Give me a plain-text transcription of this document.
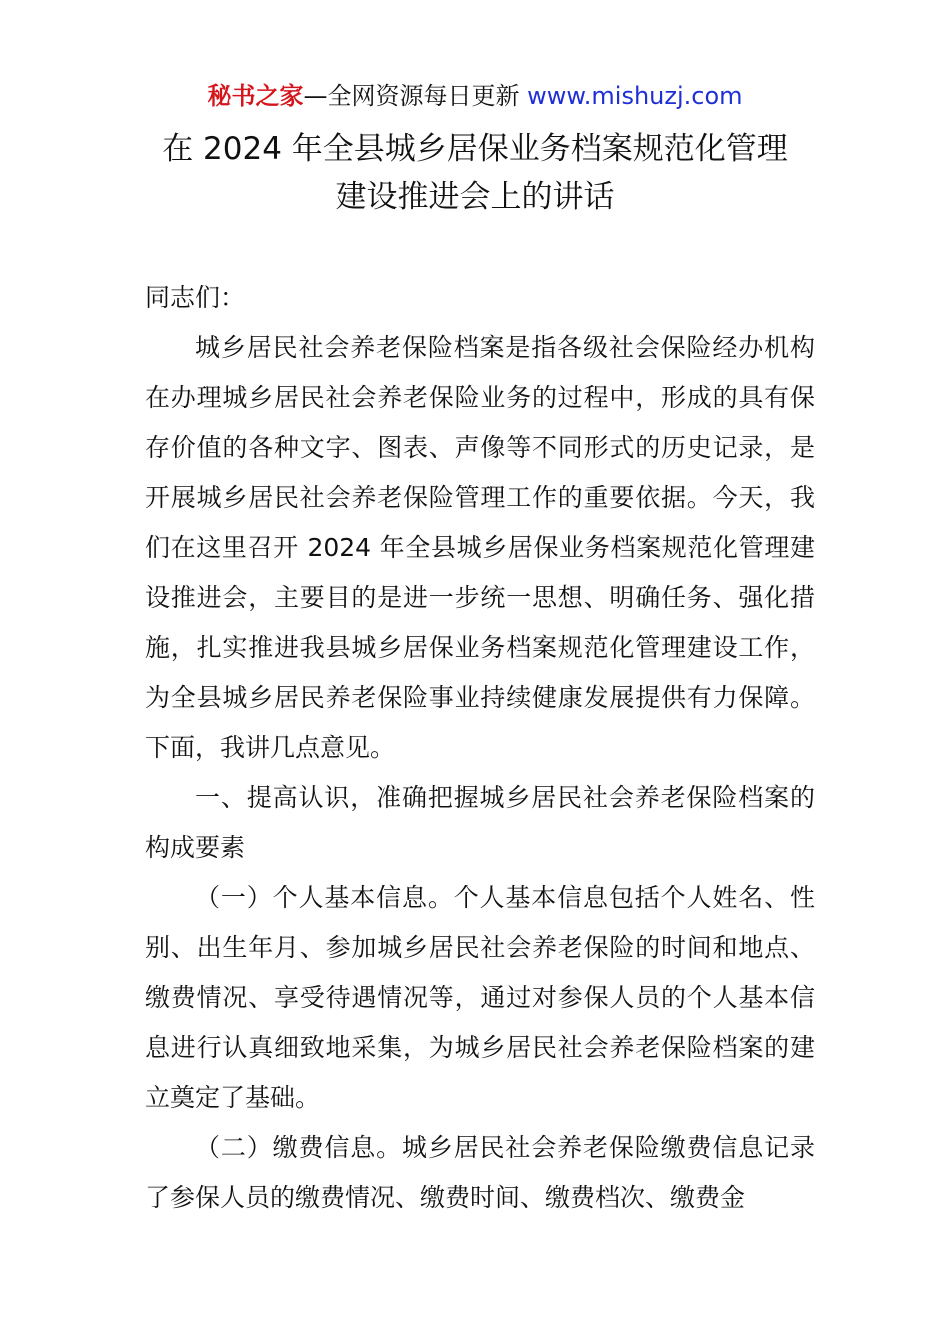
秘书之家—全网资源每日更新 www.mishuzj.com
在 2024 年全县城乡居保业务档案规范化管理
建设推进会上的讲话

同志们：

城乡居民社会养老保险档案是指各级社会保险经办机构在办理城乡居民社会养老保险业务的过程中，形成的具有保存价值的各种文字、图表、声像等不同形式的历史记录，是开展城乡居民社会养老保险管理工作的重要依据。今天，我们在这里召开 2024 年全县城乡居保业务档案规范化管理建设推进会，主要目的是进一步统一思想、明确任务、强化措施，扎实推进我县城乡居保业务档案规范化管理建设工作，为全县城乡居民养老保险事业持续健康发展提供有力保障。下面，我讲几点意见。

一、提高认识，准确把握城乡居民社会养老保险档案的构成要素

（一）个人基本信息。个人基本信息包括个人姓名、性别、出生年月、参加城乡居民社会养老保险的时间和地点、缴费情况、享受待遇情况等，通过对参保人员的个人基本信息进行认真细致地采集，为城乡居民社会养老保险档案的建立奠定了基础。

（二）缴费信息。城乡居民社会养老保险缴费信息记录了参保人员的缴费情况、缴费时间、缴费档次、缴费金
